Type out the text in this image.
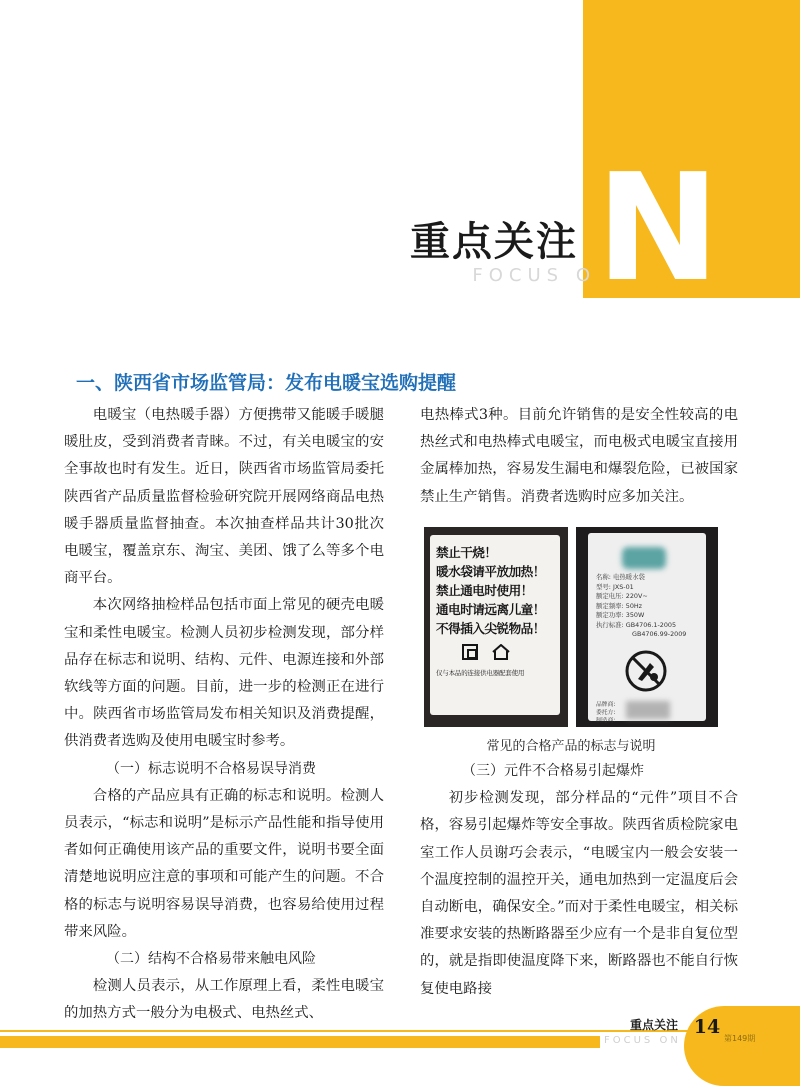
N
重点关注
FOCUS O
一、陕西省市场监管局：发布电暖宝选购提醒

电暖宝（电热暖手器）方便携带又能暖手暖腿暖肚皮，受到消费者青睐。不过，有关电暖宝的安全事故也时有发生。近日，陕西省市场监管局委托陕西省产品质量监督检验研究院开展网络商品电热暖手器质量监督抽查。本次抽查样品共计30批次电暖宝，覆盖京东、淘宝、美团、饿了么等多个电商平台。

本次网络抽检样品包括市面上常见的硬壳电暖宝和柔性电暖宝。检测人员初步检测发现，部分样品存在标志和说明、结构、元件、电源连接和外部软线等方面的问题。目前，进一步的检测正在进行中。陕西省市场监管局发布相关知识及消费提醒，供消费者选购及使用电暖宝时参考。

（一）标志说明不合格易误导消费

合格的产品应具有正确的标志和说明。检测人员表示，“标志和说明”是标示产品性能和指导使用者如何正确使用该产品的重要文件，说明书要全面清楚地说明应注意的事项和可能产生的问题。不合格的标志与说明容易误导消费，也容易给使用过程带来风险。

（二）结构不合格易带来触电风险

检测人员表示，从工作原理上看，柔性电暖宝的加热方式一般分为电极式、电热丝式、

电热棒式3种。目前允许销售的是安全性较高的电热丝式和电热棒式电暖宝，而电极式电暖宝直接用金属棒加热，容易发生漏电和爆裂危险，已被国家禁止生产销售。消费者选购时应多加关注。

禁止干烧！
暖水袋请平放加热！
禁止通电时使用！
通电时请远离儿童！
不得插入尖锐物品！
仅与本品的连接供电器配套使用
名称: 电热暖水袋
型号: JXS-01
额定电压: 220V~
额定频率: 50Hz
额定功率: 350W
执行标准: GB4706.1-2005
GB4706.99-2009
品牌商:
委托方:
制造商:
常见的合格产品的标志与说明

（三）元件不合格易引起爆炸

初步检测发现，部分样品的“元件”项目不合格，容易引起爆炸等安全事故。陕西省质检院家电室工作人员谢巧会表示，“电暖宝内一般会安装一个温度控制的温控开关，通电加热到一定温度后会自动断电，确保安全。”而对于柔性电暖宝，相关标准要求安装的热断路器至少应有一个是非自复位型的，就是指即使温度降下来，断路器也不能自行恢复使电路接

重点关注
FOCUS ON
14
第149期
